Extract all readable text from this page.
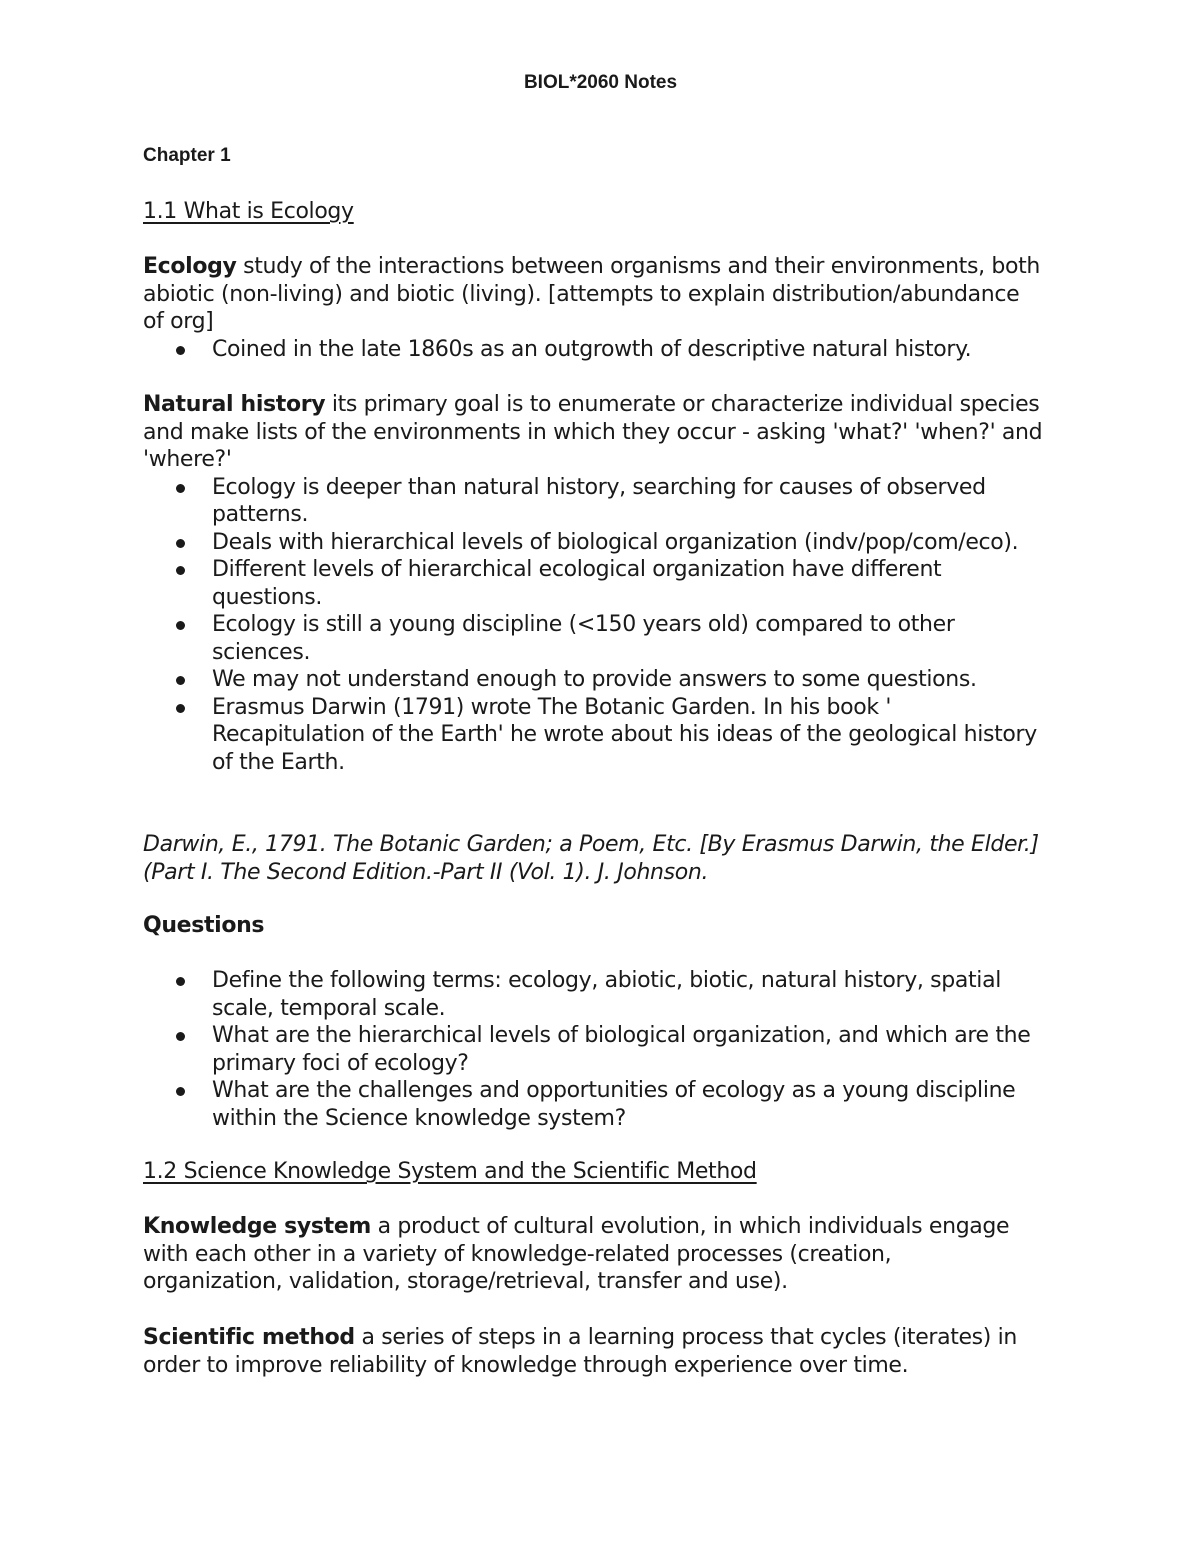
BIOL*2060 Notes
Chapter 1

1.1 What is Ecology

Ecology study of the interactions between organisms and their environments, both abiotic (non-living) and biotic (living). [attempts to explain distribution/abundance of org]

Coined in the late 1860s as an outgrowth of descriptive natural history.

Natural history its primary goal is to enumerate or characterize individual species and make lists of the environments in which they occur - asking 'what?' 'when?' and 'where?'

Ecology is deeper than natural history, searching for causes of observed patterns.
Deals with hierarchical levels of biological organization (indv/pop/com/eco).
Different levels of hierarchical ecological organization have different questions.
Ecology is still a young discipline (<150 years old) compared to other sciences.
We may not understand enough to provide answers to some questions.
Erasmus Darwin (1791) wrote The Botanic Garden. In his book ' Recapitulation of the Earth' he wrote about his ideas of the geological history of the Earth.

Darwin, E., 1791. The Botanic Garden; a Poem, Etc. [By Erasmus Darwin, the Elder.] (Part I. The Second Edition.-Part II (Vol. 1). J. Johnson.

Questions

Define the following terms: ecology, abiotic, biotic, natural history, spatial scale, temporal scale.
What are the hierarchical levels of biological organization, and which are the primary foci of ecology?
What are the challenges and opportunities of ecology as a young discipline within the Science knowledge system?

1.2 Science Knowledge System and the Scientific Method

Knowledge system a product of cultural evolution, in which individuals engage with each other in a variety of knowledge-related processes (creation, organization, validation, storage/retrieval, transfer and use).

Scientific method a series of steps in a learning process that cycles (iterates) in order to improve reliability of knowledge through experience over time.
